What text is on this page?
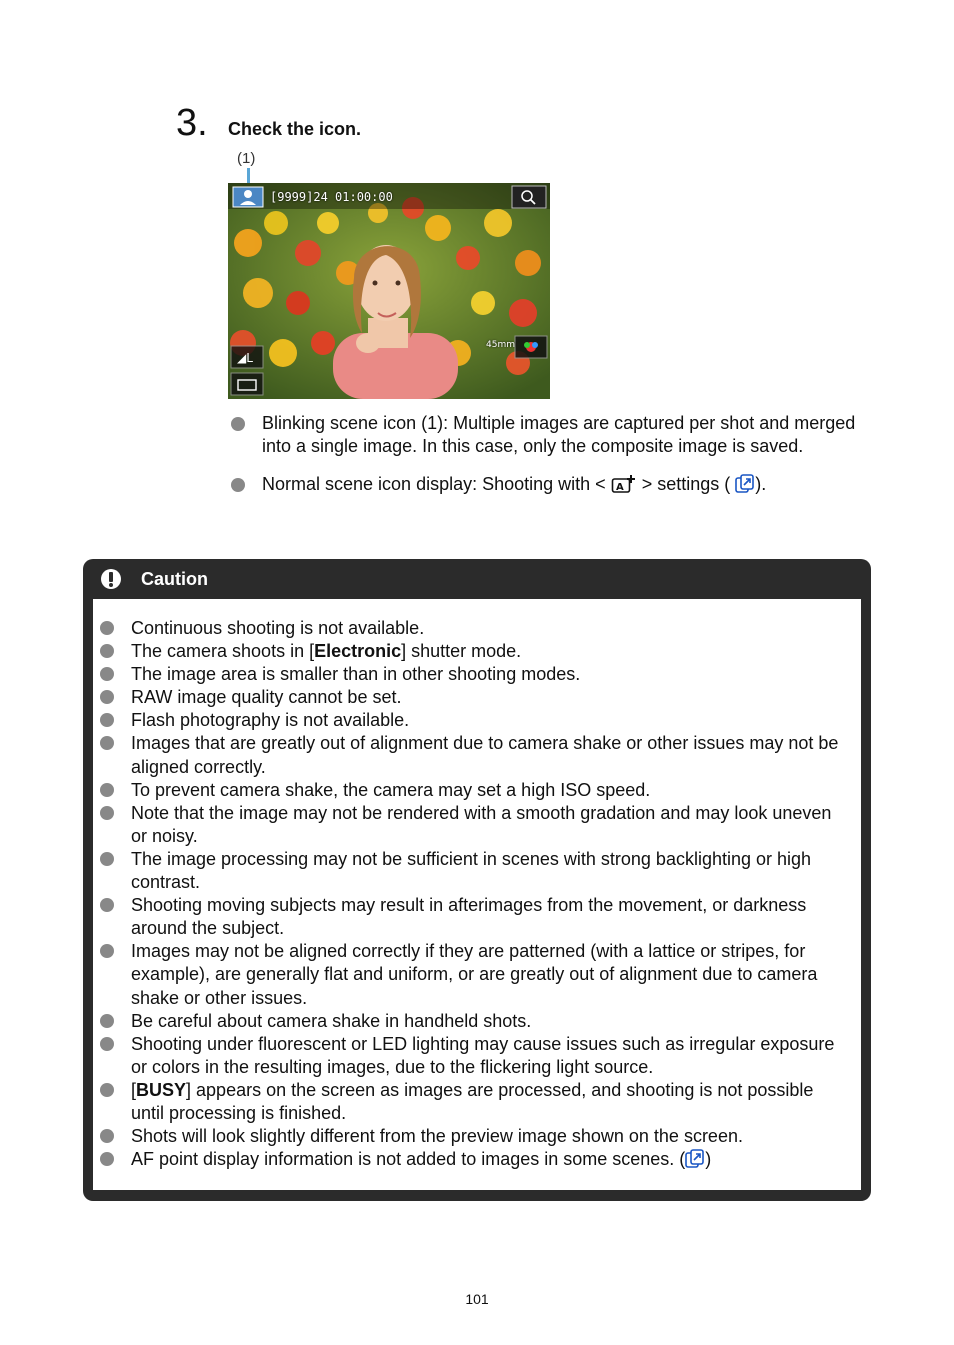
3. Check the icon.
(1)
◢L
[9999]24 01:00:00
45mm
Blinking scene icon (1): Multiple images are captured per shot and merged into a single image. In this case, only the composite image is saved.
Normal scene icon display: Shooting with < A > settings ( ).
Caution
Continuous shooting is not available.
The camera shoots in [Electronic] shutter mode.
The image area is smaller than in other shooting modes.
RAW image quality cannot be set.
Flash photography is not available.
Images that are greatly out of alignment due to camera shake or other issues may not be aligned correctly.
To prevent camera shake, the camera may set a high ISO speed.
Note that the image may not be rendered with a smooth gradation and may look uneven or noisy.
The image processing may not be sufficient in scenes with strong backlighting or high contrast.
Shooting moving subjects may result in afterimages from the movement, or darkness around the subject.
Images may not be aligned correctly if they are patterned (with a lattice or stripes, for example), are generally flat and uniform, or are greatly out of alignment due to camera shake or other issues.
Be careful about camera shake in handheld shots.
Shooting under fluorescent or LED lighting may cause issues such as irregular exposure or colors in the resulting images, due to the flickering light source.
[BUSY] appears on the screen as images are processed, and shooting is not possible until processing is finished.
Shots will look slightly different from the preview image shown on the screen.
AF point display information is not added to images in some scenes. ( )
101
